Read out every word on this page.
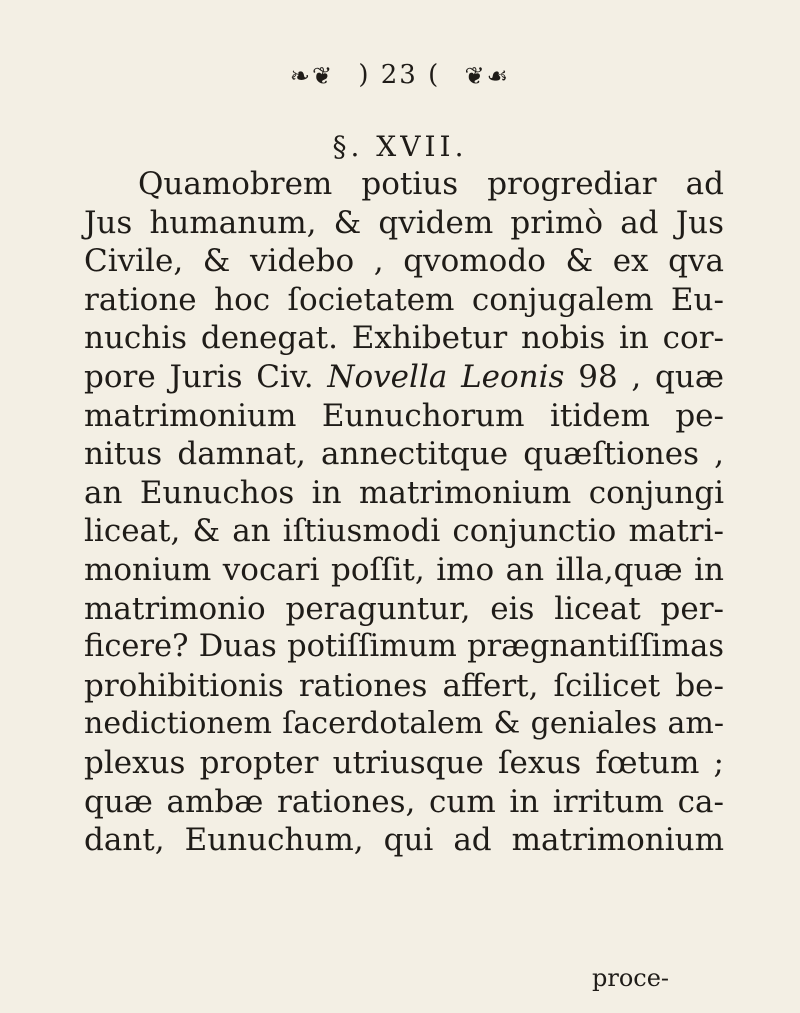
❧❦ ) 23 ( ❦☙
§. XVII.
Quamobrem potius progrediar ad
Jus humanum, & qvidem primò ad Jus
Civile, & videbo , qvomodo & ex qva
ratione hoc ſocietatem conjugalem Eu-
nuchis denegat. Exhibetur nobis in cor-
pore Juris Civ. Novella Leonis 98 , quæ
matrimonium Eunuchorum itidem pe-
nitus damnat, annectitque quæſtiones ,
an Eunuchos in matrimonium conjungi
liceat, & an iſtiusmodi conjunctio matri-
monium vocari poſſit, imo an illa,quæ in
matrimonio peraguntur, eis liceat per-
ficere? Duas potiſſimum prægnantiſſimas
prohibitionis rationes affert, ſcilicet be-
nedictionem ſacerdotalem & geniales am-
plexus propter utriusque ſexus fœtum ;
quæ ambæ rationes, cum in irritum ca-
dant, Eunuchum, qui ad matrimonium
proce-
